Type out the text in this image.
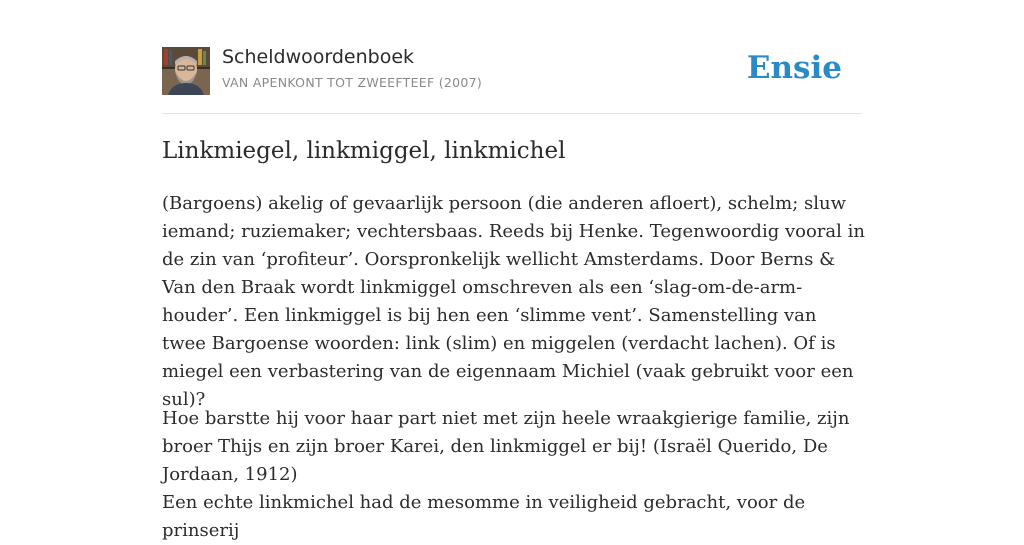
Scheldwoordenboek
VAN APENKONT TOT ZWEEFTEEF (2007)	Ensie
Linkmiegel, linkmiggel, linkmichel

(Bargoens) akelig of gevaarlijk persoon (die anderen afloert), schelm; sluw iemand; ruziemaker; vechtersbaas. Reeds bij Henke. Tegenwoordig vooral in de zin van ‘profiteur’. Oorspronkelijk wellicht Amsterdams. Door Berns & Van den Braak wordt linkmiggel omschreven als een ‘slag-om-de-arm-houder’. Een linkmiggel is bij hen een ‘slimme vent’. Samenstelling van twee Bargoense woorden: link (slim) en miggelen (verdacht lachen). Of is miegel een verbastering van de eigennaam Michiel (vaak gebruikt voor een sul)?

Hoe barstte hij voor haar part niet met zijn heele wraakgierige familie, zijn broer Thijs en zijn broer Karei, den linkmiggel er bij! (Israël Querido, De Jordaan, 1912)

Een echte linkmichel had de mesomme in veiligheid gebracht, voor de prinserij
